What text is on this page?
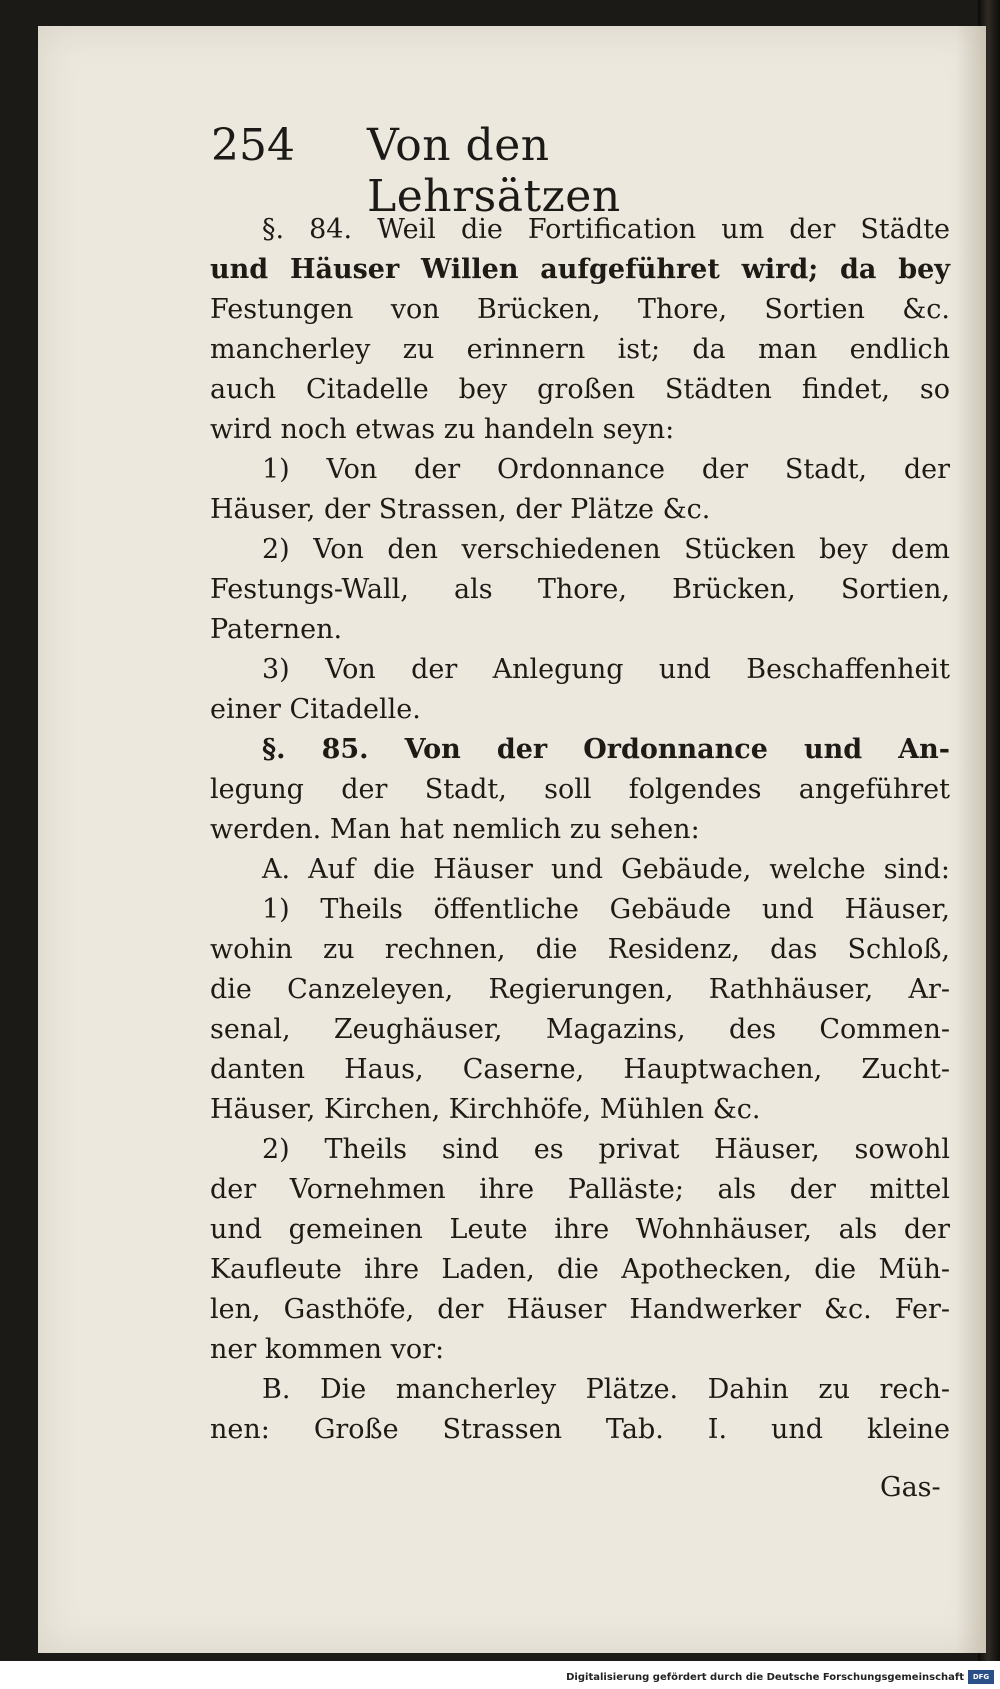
254 Von den Lehrsätzen
§. 84. Weil die Fortification um der Städte
und Häuser Willen aufgeführet wird; da bey
Festungen von Brücken, Thore, Sortien &c.
mancherley zu erinnern ist; da man endlich
auch Citadelle bey großen Städten findet, so
wird noch etwas zu handeln seyn:
1) Von der Ordonnance der Stadt, der
Häuser, der Strassen, der Plätze &c.
2) Von den verschiedenen Stücken bey dem
Festungs-Wall, als Thore, Brücken, Sortien,
Paternen.
3) Von der Anlegung und Beschaffenheit
einer Citadelle.
§. 85. Von der Ordonnance und An-
legung der Stadt, soll folgendes angeführet
werden. Man hat nemlich zu sehen:
A. Auf die Häuser und Gebäude, welche sind:
1) Theils öffentliche Gebäude und Häuser,
wohin zu rechnen, die Residenz, das Schloß,
die Canzeleyen, Regierungen, Rathhäuser, Ar-
senal, Zeughäuser, Magazins, des Commen-
danten Haus, Caserne, Hauptwachen, Zucht-
Häuser, Kirchen, Kirchhöfe, Mühlen &c.
2) Theils sind es privat Häuser, sowohl
der Vornehmen ihre Palläste; als der mittel
und gemeinen Leute ihre Wohnhäuser, als der
Kaufleute ihre Laden, die Apothecken, die Müh-
len, Gasthöfe, der Häuser Handwerker &c. Fer-
ner kommen vor:
B. Die mancherley Plätze. Dahin zu rech-
nen: Große Strassen Tab. I. und kleine
Gas-
Digitalisierung gefördert durch die Deutsche Forschungsgemeinschaft	DFG
